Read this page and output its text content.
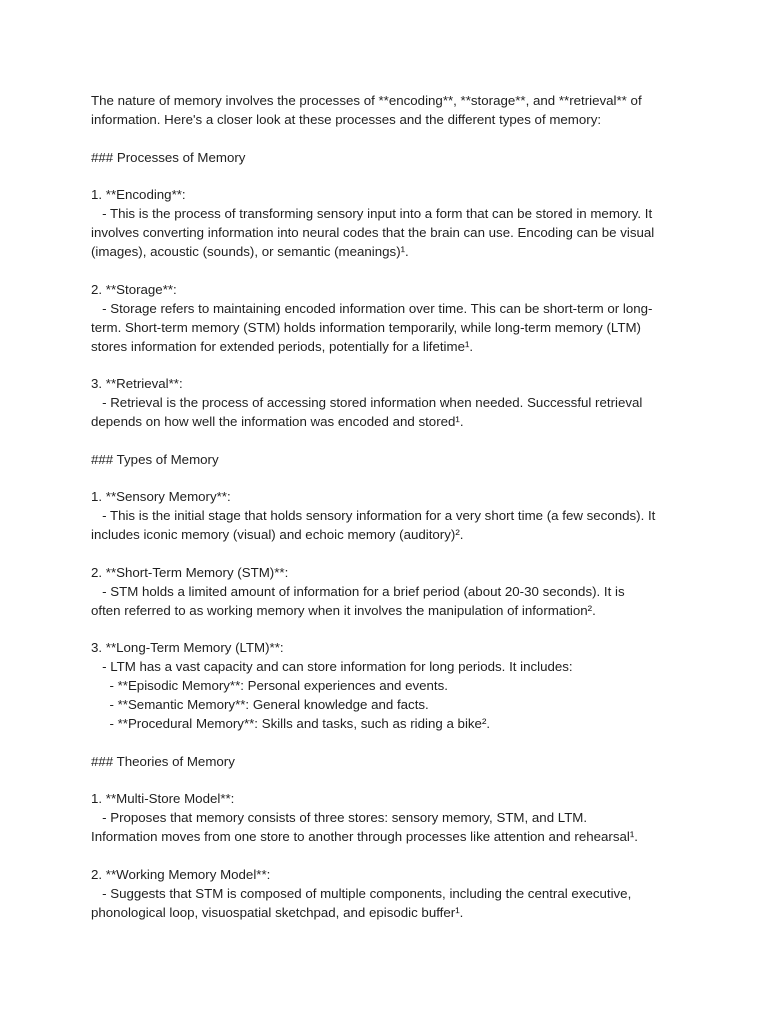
The nature of memory involves the processes of **encoding**, **storage**, and **retrieval** of
information. Here's a closer look at these processes and the different types of memory:
### Processes of Memory
1. **Encoding**:
- This is the process of transforming sensory input into a form that can be stored in memory. It
involves converting information into neural codes that the brain can use. Encoding can be visual
(images), acoustic (sounds), or semantic (meanings)¹.
2. **Storage**:
- Storage refers to maintaining encoded information over time. This can be short-term or long-
term. Short-term memory (STM) holds information temporarily, while long-term memory (LTM)
stores information for extended periods, potentially for a lifetime¹.
3. **Retrieval**:
- Retrieval is the process of accessing stored information when needed. Successful retrieval
depends on how well the information was encoded and stored¹.
### Types of Memory
1. **Sensory Memory**:
- This is the initial stage that holds sensory information for a very short time (a few seconds). It
includes iconic memory (visual) and echoic memory (auditory)².
2. **Short-Term Memory (STM)**:
- STM holds a limited amount of information for a brief period (about 20-30 seconds). It is
often referred to as working memory when it involves the manipulation of information².
3. **Long-Term Memory (LTM)**:
- LTM has a vast capacity and can store information for long periods. It includes:
- **Episodic Memory**: Personal experiences and events.
- **Semantic Memory**: General knowledge and facts.
- **Procedural Memory**: Skills and tasks, such as riding a bike².
### Theories of Memory
1. **Multi-Store Model**:
- Proposes that memory consists of three stores: sensory memory, STM, and LTM.
Information moves from one store to another through processes like attention and rehearsal¹.
2. **Working Memory Model**:
- Suggests that STM is composed of multiple components, including the central executive,
phonological loop, visuospatial sketchpad, and episodic buffer¹.
